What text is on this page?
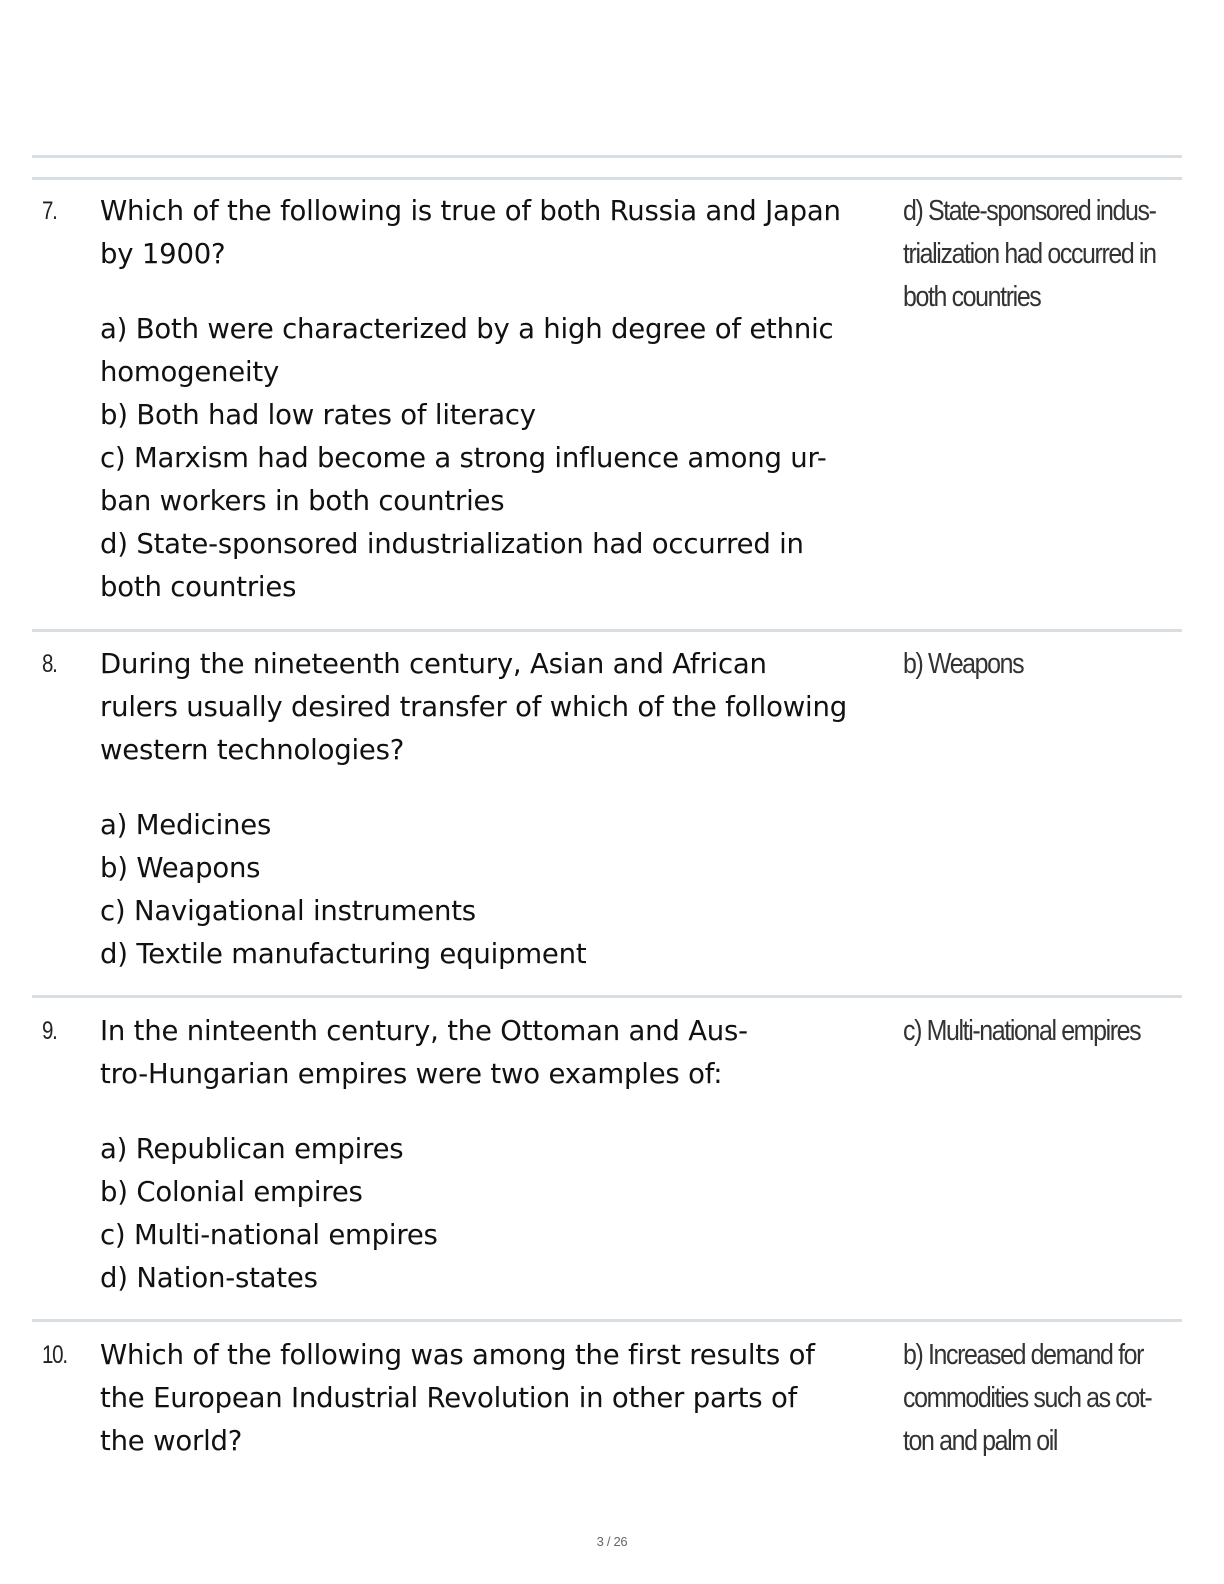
7. Which of the following is true of both Russia and Japan
by 1900?

a) Both were characterized by a high degree of ethnic
homogeneity
b) Both had low rates of literacy
c) Marxism had become a strong influence among ur-
ban workers in both countries
d) State-sponsored industrialization had occurred in
both countries
d) State-sponsored indus-
trialization had occurred in
both countries
8. During the nineteenth century, Asian and African
rulers usually desired transfer of which of the following
western technologies?

a) Medicines
b) Weapons
c) Navigational instruments
d) Textile manufacturing equipment
b) Weapons
9. In the ninteenth century, the Ottoman and Aus-
tro-Hungarian empires were two examples of:

a) Republican empires
b) Colonial empires
c) Multi-national empires
d) Nation-states
c) Multi-national empires
10. Which of the following was among the first results of
the European Industrial Revolution in other parts of
the world?

b) Increased demand for
commodities such as cot-
ton and palm oil
3 / 26
